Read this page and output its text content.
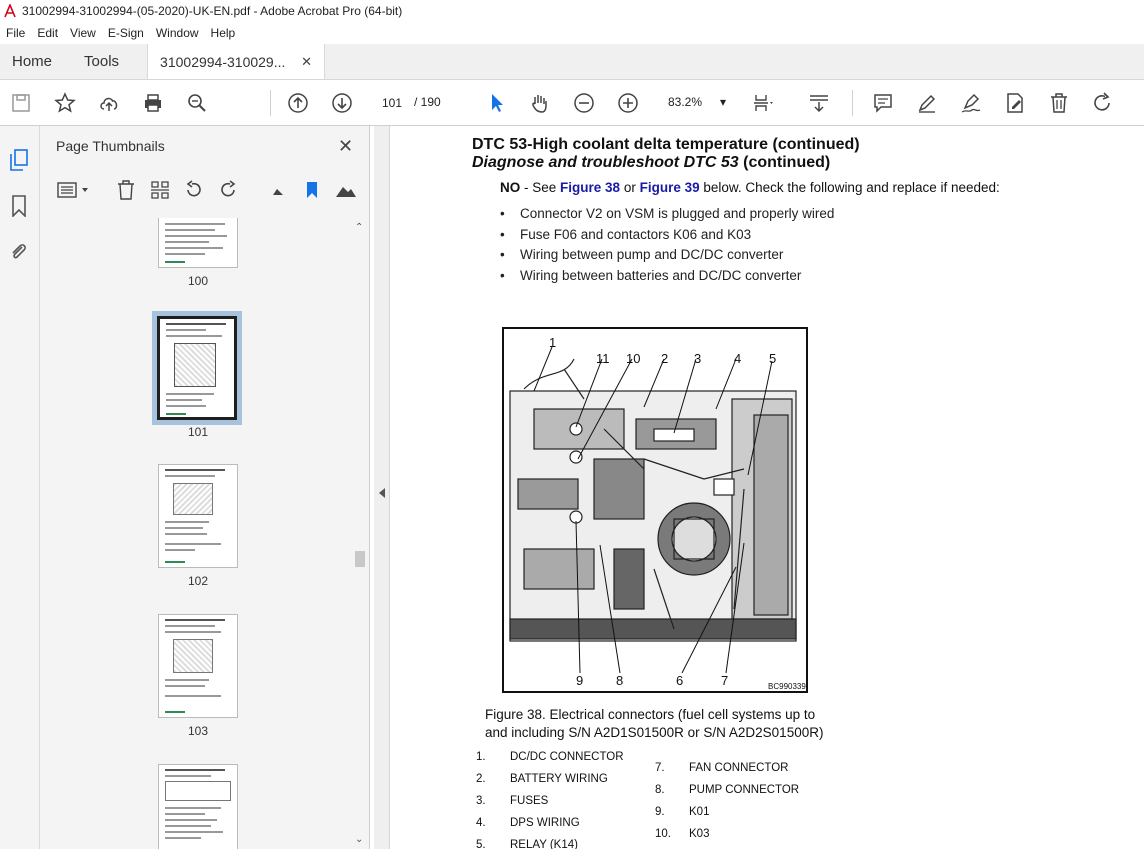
31002994-31002994-(05-2020)-UK-EN.pdf - Adobe Acrobat Pro (64-bit)
File	Edit	View	E-Sign	Window	Help
Home	Tools	31002994-310029... ✕
101 / 190	83.2% ▾
Page Thumbnails	✕
100
101
102
103
⌃
⌄
DTC 53-High coolant delta temperature (continued)
Diagnose and troubleshoot DTC 53 (continued)
NO - See Figure 38 or Figure 39 below. Check the following and replace if needed:
• Connector V2 on VSM is plugged and properly wired
• Fuse F06 and contactors K06 and K03
• Wiring between pump and DC/DC converter
• Wiring between batteries and DC/DC converter
1
11 10 2 3	4 5
9	8	6	7	BC990339
Figure 38. Electrical connectors (fuel cell systems up to
and including S/N A2D1S01500R or S/N A2D2S01500R)
1. DC/DC CONNECTOR
2. BATTERY WIRING
3. FUSES
4. DPS WIRING
5. RELAY (K14)
7. FAN CONNECTOR
8. PUMP CONNECTOR
9. K01
10. K03
